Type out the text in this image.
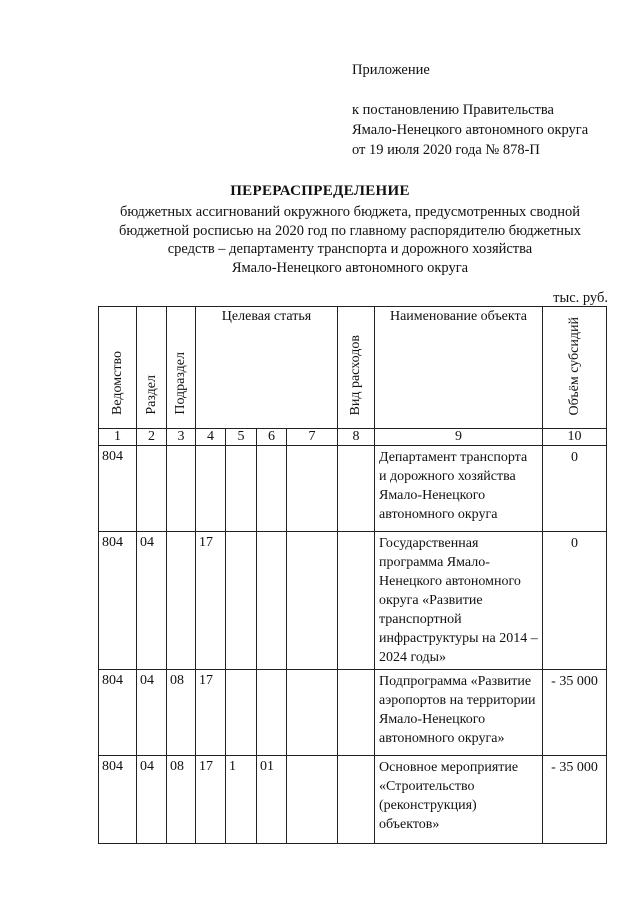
Приложение
к постановлению Правительства
Ямало-Ненецкого автономного округа
от 19 июля 2020 года № 878-П
ПЕРЕРАСПРЕДЕЛЕНИЕ
бюджетных ассигнований окружного бюджета, предусмотренных сводной
бюджетной росписью на 2020 год по главному распорядителю бюджетных
средств – департаменту транспорта и дорожного хозяйства
Ямало-Ненецкого автономного округа
тыс. руб.
Ведомство	Раздел	Подраздел	Целевая статья				Вид расходов	Наименование объекта	Объём субсидий
1	2	3	4	5	6	7	8	9	10
804								Департамент транспорта и дорожного хозяйства Ямало-Ненецкого автономного округа	0
804	04		17					Государственная программа Ямало-Ненецкого автономного округа «Развитие транспортной инфраструктуры на 2014 – 2024 годы»	0
804	04	08	17					Подпрограмма «Развитие аэропортов на территории Ямало-Ненецкого автономного округа»	- 35 000
804	04	08	17	1	01			Основное мероприятие «Строительство (реконструкция) объектов»	- 35 000
